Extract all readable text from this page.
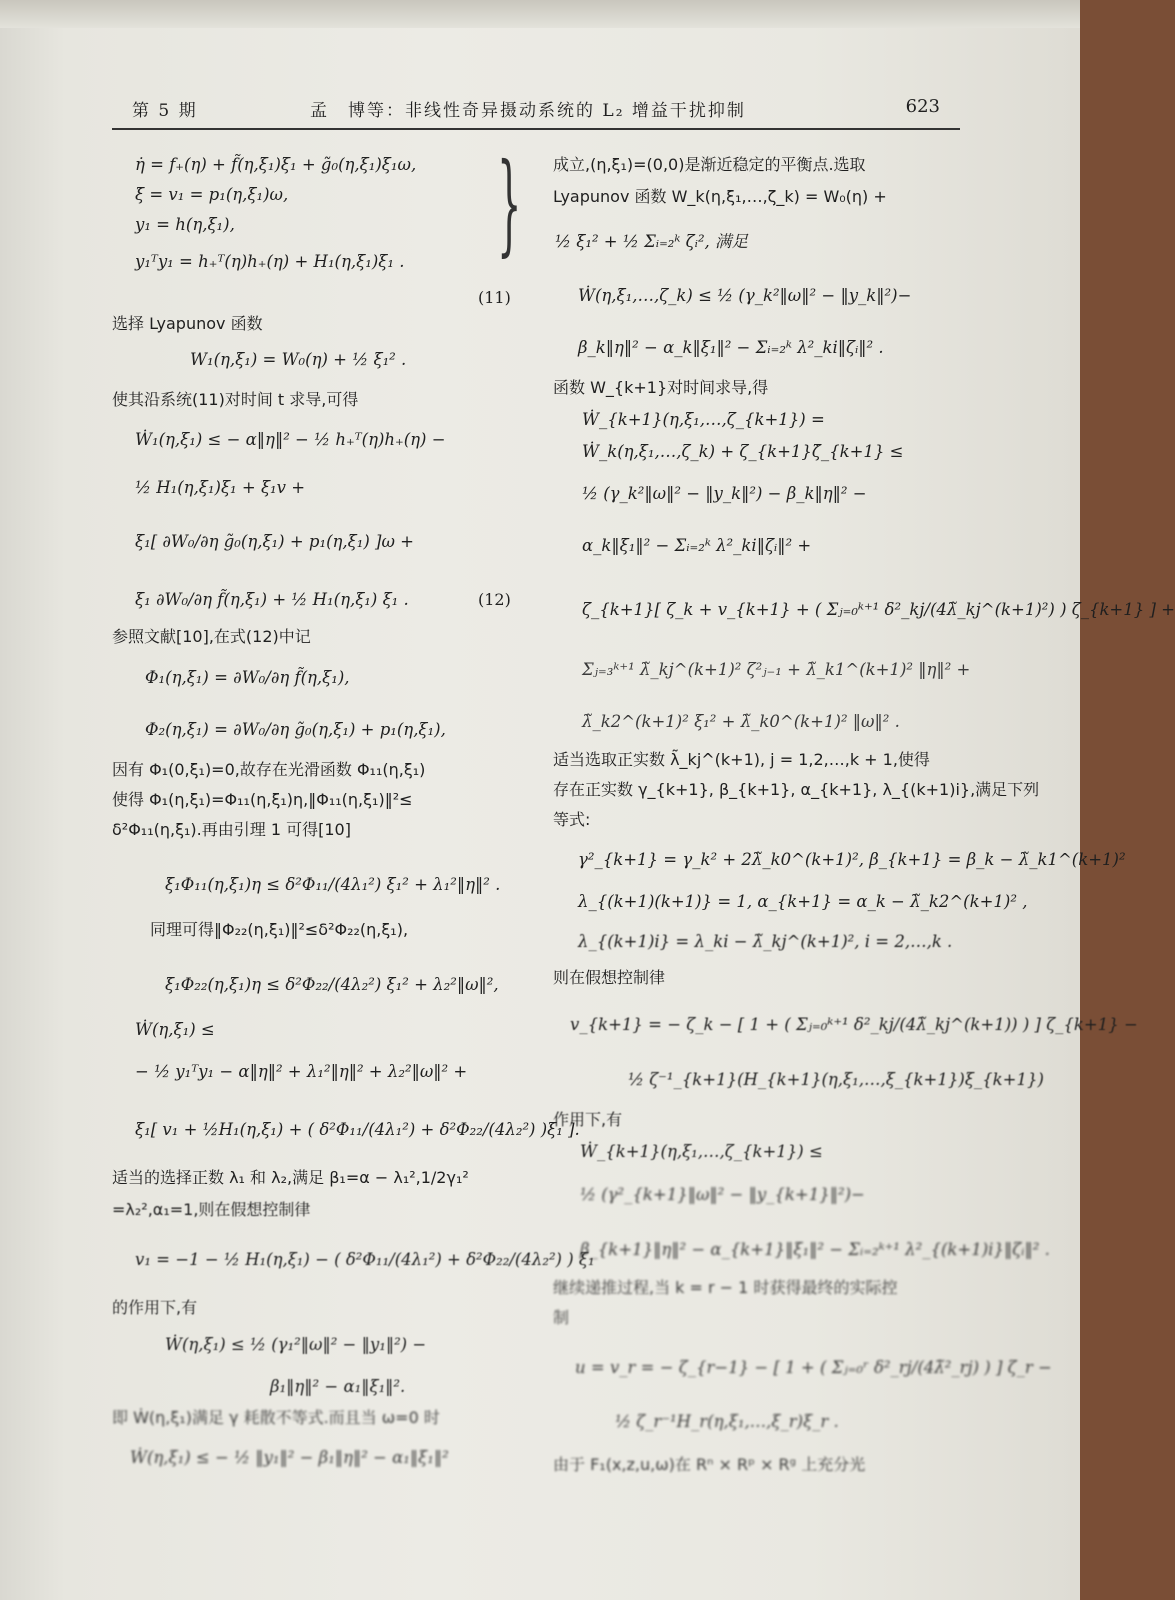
第 5 期	孟　博等：非线性奇异摄动系统的 L₂ 增益干扰抑制	623
η̇ = f₊(η) + f̃(η,ξ₁)ξ₁ + g̃₀(η,ξ₁)ξ₁ω,
ξ̇ = v₁ = p₁(η,ξ₁)ω,
y₁ = h(η,ξ₁),
y₁ᵀy₁ = h₊ᵀ(η)h₊(η) + H₁(η,ξ₁)ξ₁ . }
(11)
选择 Lyapunov 函数
W₁(η,ξ₁) = W₀(η) + ½ ξ₁² .
使其沿系统(11)对时间 t 求导,可得
Ẇ₁(η,ξ₁) ≤ − α‖η‖² − ½ h₊ᵀ(η)h₊(η) −
½ H₁(η,ξ₁)ξ₁ + ξ₁v +
ξ₁[ ∂W₀/∂η g̃₀(η,ξ₁) + p₁(η,ξ₁) ]ω +
ξ₁ ∂W₀/∂η f̃(η,ξ₁) + ½ H₁(η,ξ₁) ξ₁ .	(12)
参照文献[10],在式(12)中记
Φ₁(η,ξ₁) = ∂W₀/∂η f̃(η,ξ₁),
Φ₂(η,ξ₁) = ∂W₀/∂η g̃₀(η,ξ₁) + p₁(η,ξ₁),
因有 Φ₁(0,ξ₁)=0,故存在光滑函数 Φ₁₁(η,ξ₁)
使得 Φ₁(η,ξ₁)=Φ₁₁(η,ξ₁)η,‖Φ₁₁(η,ξ₁)‖²≤
δ²Φ₁₁(η,ξ₁).再由引理 1 可得[10]
ξ₁Φ₁₁(η,ξ₁)η ≤ δ²Φ₁₁/(4λ₁²) ξ₁² + λ₁²‖η‖² .
同理可得‖Φ₂₂(η,ξ₁)‖²≤δ²Φ₂₂(η,ξ₁),
ξ₁Φ₂₂(η,ξ₁)η ≤ δ²Φ₂₂/(4λ₂²) ξ₁² + λ₂²‖ω‖²,
Ẇ(η,ξ₁) ≤
− ½ y₁ᵀy₁ − α‖η‖² + λ₁²‖η‖² + λ₂²‖ω‖² +
ξ₁[ v₁ + ½H₁(η,ξ₁) + ( δ²Φ₁₁/(4λ₁²) + δ²Φ₂₂/(4λ₂²) )ξ₁ ].
适当的选择正数 λ₁ 和 λ₂,满足 β₁=α − λ₁²,1/2γ₁²
=λ₂²,α₁=1,则在假想控制律
v₁ = −1 − ½ H₁(η,ξ₁) − ( δ²Φ₁₁/(4λ₁²) + δ²Φ₂₂/(4λ₂²) ) ξ₁
的作用下,有
Ẇ(η,ξ₁) ≤ ½ (γ₁²‖ω‖² − ‖y₁‖²) −
β₁‖η‖² − α₁‖ξ₁‖².
即 Ẇ(η,ξ₁)满足 γ 耗散不等式.而且当 ω=0 时
Ẇ(η,ξ₁) ≤ − ½ ‖y₁‖² − β₁‖η‖² − α₁‖ξ₁‖²
成立,(η,ξ₁)=(0,0)是渐近稳定的平衡点.选取
Lyapunov 函数 W_k(η,ξ₁,…,ζ_k) = W₀(η) +
½ ξ₁² + ½ Σᵢ₌₂ᵏ ζᵢ², 满足
Ẇ(η,ξ₁,…,ζ_k) ≤ ½ (γ_k²‖ω‖² − ‖y_k‖²)−
β_k‖η‖² − α_k‖ξ₁‖² − Σᵢ₌₂ᵏ λ²_ki‖ζᵢ‖² .
函数 W_{k+1}对时间求导,得
Ẇ_{k+1}(η,ξ₁,…,ζ_{k+1}) =
Ẇ_k(η,ξ₁,…,ζ_k) + ζ_{k+1}ζ̇_{k+1} ≤
½ (γ_k²‖ω‖² − ‖y_k‖²) − β_k‖η‖² −
α_k‖ξ₁‖² − Σᵢ₌₂ᵏ λ²_ki‖ζᵢ‖² +
ζ_{k+1}[ ζ_k + v_{k+1} + ( Σⱼ₌₀ᵏ⁺¹ δ²_kj/(4λ̃_kj^(k+1)²) ) ζ_{k+1} ] +
Σⱼ₌₃ᵏ⁺¹ λ̃_kj^(k+1)² ζ²ⱼ₋₁ + λ̃_k1^(k+1)² ‖η‖² +
λ̃_k2^(k+1)² ξ₁² + λ̃_k0^(k+1)² ‖ω‖² .
适当选取正实数 λ̃_kj^(k+1), j = 1,2,…,k + 1,使得
存在正实数 γ_{k+1}, β_{k+1}, α_{k+1}, λ_{(k+1)i},满足下列
等式:
γ²_{k+1} = γ_k² + 2λ̃_k0^(k+1)², β_{k+1} = β_k − λ̃_k1^(k+1)²
λ_{(k+1)(k+1)} = 1, α_{k+1} = α_k − λ̃_k2^(k+1)² ,
λ_{(k+1)i} = λ_ki − λ̃_kj^(k+1)², i = 2,…,k .
则在假想控制律
v_{k+1} = − ζ_k − [ 1 + ( Σⱼ₌₀ᵏ⁺¹ δ²_kj/(4λ̃_kj^(k+1)) ) ] ζ_{k+1} −
½ ζ⁻¹_{k+1}(H_{k+1}(η,ξ₁,…,ξ_{k+1})ξ_{k+1})
作用下,有
Ẇ_{k+1}(η,ξ₁,…,ζ_{k+1}) ≤
½ (γ²_{k+1}‖ω‖² − ‖y_{k+1}‖²)−
β_{k+1}‖η‖² − α_{k+1}‖ξ₁‖² − Σᵢ₌₂ᵏ⁺¹ λ²_{(k+1)i}‖ζᵢ‖² .
继续递推过程,当 k = r − 1 时获得最终的实际控
制
u = v_r = − ζ_{r−1} − [ 1 + ( Σⱼ₌₀ʳ δ²_rj/(4λ̃²_rj) ) ] ζ_r −
½ ζ_r⁻¹H_r(η,ξ₁,…,ξ_r)ξ_r .
由于 F₁(x,z,u,ω)在 Rⁿ × Rᵖ × Rᵍ 上充分光
